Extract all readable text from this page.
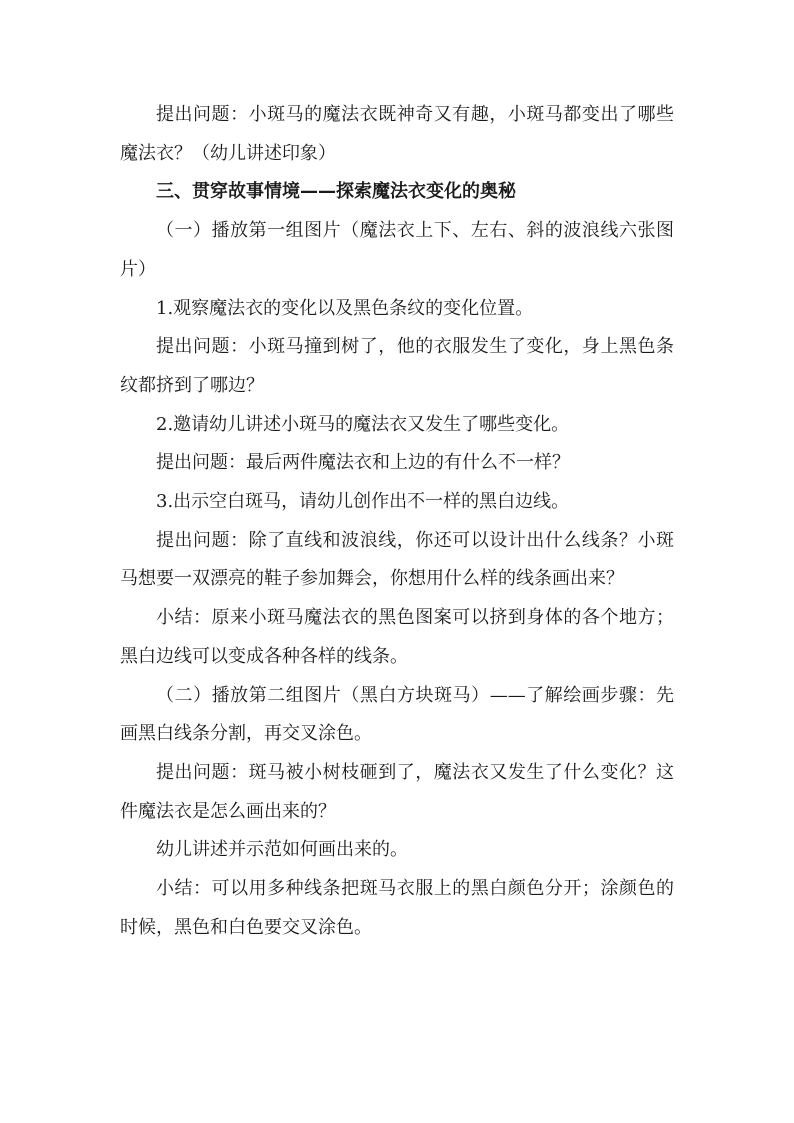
提出问题：小斑马的魔法衣既神奇又有趣，小斑马都变出了哪些魔法衣？（幼儿讲述印象）

三、贯穿故事情境——探索魔法衣变化的奥秘

（一）播放第一组图片（魔法衣上下、左右、斜的波浪线六张图片）

1.观察魔法衣的变化以及黑色条纹的变化位置。

提出问题：小斑马撞到树了，他的衣服发生了变化，身上黑色条纹都挤到了哪边？

2.邀请幼儿讲述小斑马的魔法衣又发生了哪些变化。

提出问题：最后两件魔法衣和上边的有什么不一样？

3.出示空白斑马，请幼儿创作出不一样的黑白边线。

提出问题：除了直线和波浪线，你还可以设计出什么线条？小斑马想要一双漂亮的鞋子参加舞会，你想用什么样的线条画出来？

小结：原来小斑马魔法衣的黑色图案可以挤到身体的各个地方；黑白边线可以变成各种各样的线条。

（二）播放第二组图片（黑白方块斑马）——了解绘画步骤：先画黑白线条分割，再交叉涂色。

提出问题：斑马被小树枝砸到了，魔法衣又发生了什么变化？这件魔法衣是怎么画出来的？

幼儿讲述并示范如何画出来的。

小结：可以用多种线条把斑马衣服上的黑白颜色分开；涂颜色的时候，黑色和白色要交叉涂色。
